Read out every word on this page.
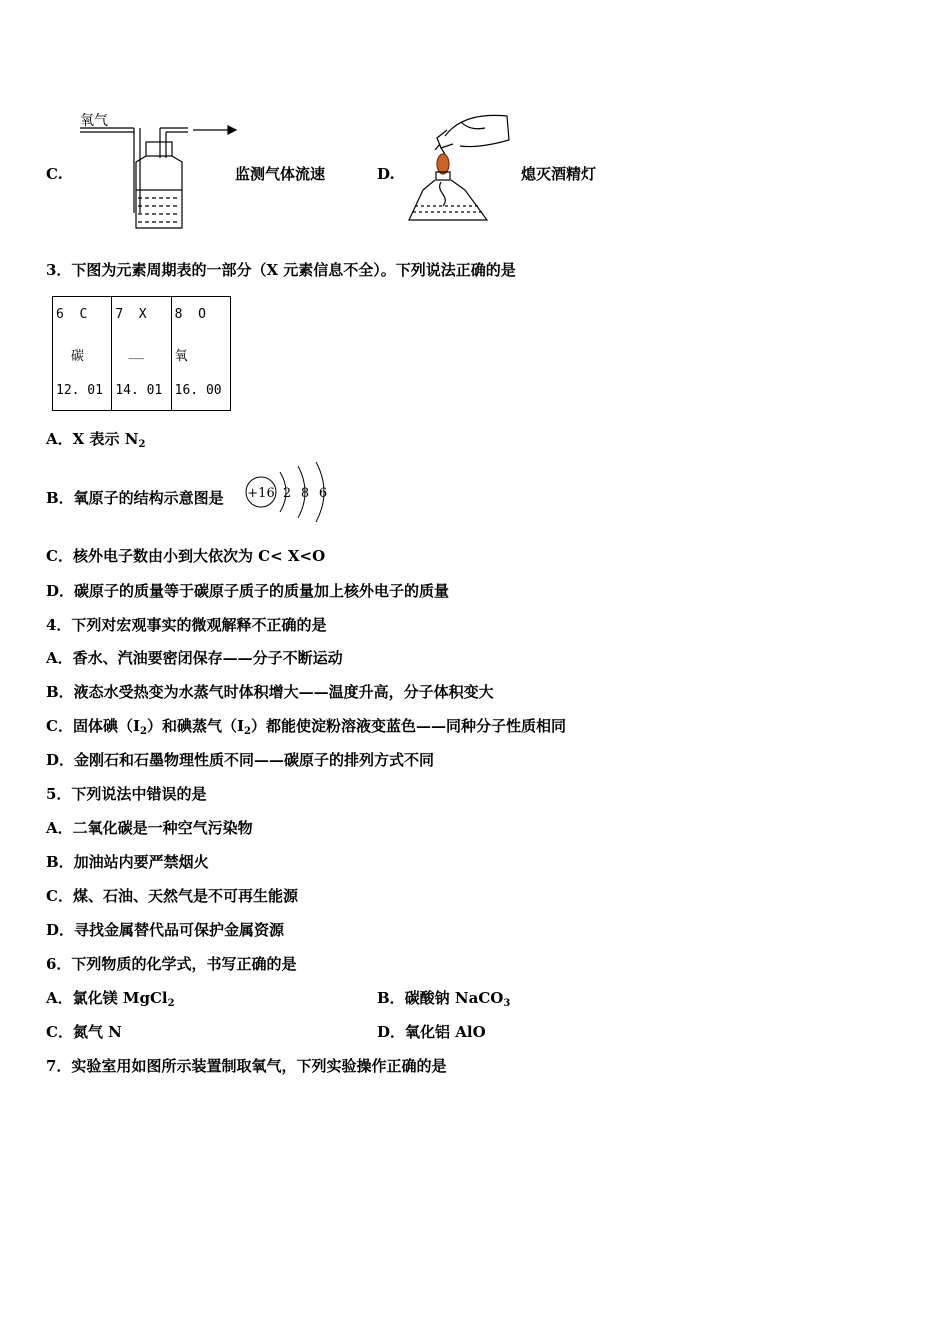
C.
氧气
监测气体流速	D.	熄灭酒精灯
3．下图为元素周期表的一部分（X 元素信息不全）。下列说法正确的是
6  C
碳
12. 01
7  X
__
14. 01
8  O
氧
16. 00
A．X 表示 $N_2$
B．氧原子的结构示意图是 +16 2 8 6
C．核外电子数由小到大依次为 C< X<O
D．碳原子的质量等于碳原子质子的质量加上核外电子的质量
4．下列对宏观事实的微观解释不正确的是
A．香水、汽油要密闭保存——分子不断运动
B．液态水受热变为水蒸气时体积增大——温度升高，分子体积变大
C．固体碘$(I_2)$和碘蒸气$(I_2)$都能使淀粉溶液变蓝色——同种分子性质相同
D．金刚石和石墨物理性质不同——碳原子的排列方式不同
5．下列说法中错误的是
A．二氧化碳是一种空气污染物
B．加油站内要严禁烟火
C．煤、石油、天然气是不可再生能源
D．寻找金属替代品可保护金属资源
6．下列物质的化学式，书写正确的是
A．氯化镁 MgCl$_2$	B．碳酸钠 NaCO$_3$
C．氮气 N	D．氧化铝 AlO
7．实验室用如图所示装置制取氧气，下列实验操作正确的是
